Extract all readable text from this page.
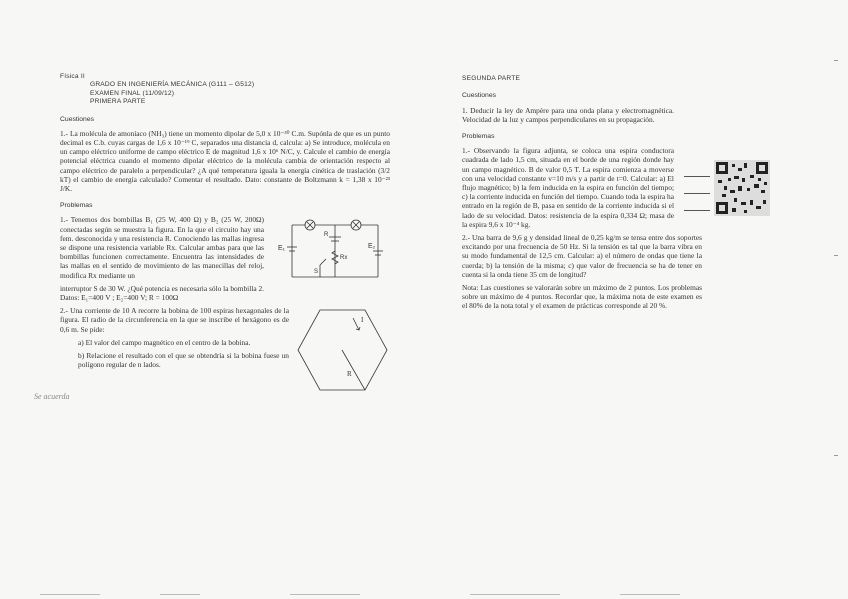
Física II
GRADO EN INGENIERÍA MECÁNICA (G111 – G512)
EXAMEN FINAL (11/09/12)
PRIMERA PARTE
Cuestiones

1.- La molécula de amoníaco (NH₃) tiene un momento dipolar de 5,0 x 10⁻³⁰ C.m. Supónla de que es un punto decimal es C.b. cuyas cargas de 1,6 x 10⁻¹⁹ C, separados una distancia d, calcula: a) Se introduce, molécula en un campo eléctrico uniforme de campo eléctrico E de magnitud 1,6 x 10⁶ N/C, y. Calcule el cambio de energía potencial eléctrica cuando el momento dipolar eléctrico de la molécula cambia de orientación respecto al campo eléctrico de paralelo a perpendicular? ¿A qué temperatura iguala la energía cinética de traslación (3/2 kT) el cambio de energía calculado? Comentar el resultado. Dato: constante de Boltzmann k = 1,38 x 10⁻²³ J/K.

Problemas
E₁	E₂
R
S
Rx

1.- Tenemos dos bombillas B₁ (25 W, 400 Ω) y B₂ (25 W, 200Ω) conectadas según se muestra la figura. En la que el circuito hay una fem. desconocida y una resistencia R. Conociendo las mallas ingresa se dispone una resistencia variable Rx. Calcular ambas para que las bombillas funcionen correctamente. Encuentra las intensidades de las mallas en el sentido de movimiento de las manecillas del reloj, modifica Rx mediante un

interruptor S de 30 W. ¿Qué potencia es necesaria sólo la bombilla 2. Datos: E₁=400 V ; E₂=400 V; R = 100Ω

I
R

2.- Una corriente de 10 A recorre la bobina de 100 espiras hexagonales de la figura. El radio de la circunferencia en la que se inscribe el hexágono es de 0,6 m. Se pide:

a) El valor del campo magnético en el centro de la bobina.

b) Relacione el resultado con el que se obtendría si la bobina fuese un polígono regular de n lados.

Se acuerda
SEGUNDA PARTE
Cuestiones

1. Deducir la ley de Ampère para una onda plana y electromagnética. Velocidad de la luz y campos perpendiculares en su propagación.

Problemas

1.- Observando la figura adjunta, se coloca una espira conductora cuadrada de lado 1,5 cm, situada en el borde de una región donde hay un campo magnético. B de valor 0,5 T. La espira comienza a moverse con una velocidad constante v=10 m/s y a partir de t=0. Calcular: a) El flujo magnético; b) la fem inducida en la espira en función del tiempo; c) la corriente inducida en función del tiempo. Cuando toda la espira ha entrado en la región de B, pasa en sentido de la corriente inducida si el lado de su velocidad. Datos: resistencia de la espira 0,334 Ω; masa de la espira 9,6 x 10⁻⁴ kg.

2.- Una barra de 9,6 g y densidad lineal de 0,25 kg/m se tensa entre dos soportes excitando por una frecuencia de 50 Hz. Si la tensión es tal que la barra vibra en su modo fundamental de 12,5 cm. Calcular: a) el número de ondas que tiene la cuerda; b) la tensión de la misma; c) que valor de frecuencia se ha de tener en cuenta si la onda tiene 35 cm de longitud?

Nota: Las cuestiones se valorarán sobre un máximo de 2 puntos. Los problemas sobre un máximo de 4 puntos. Recordar que, la máxima nota de este examen es el 80% de la nota total y el examen de prácticas corresponde al 20 %.
